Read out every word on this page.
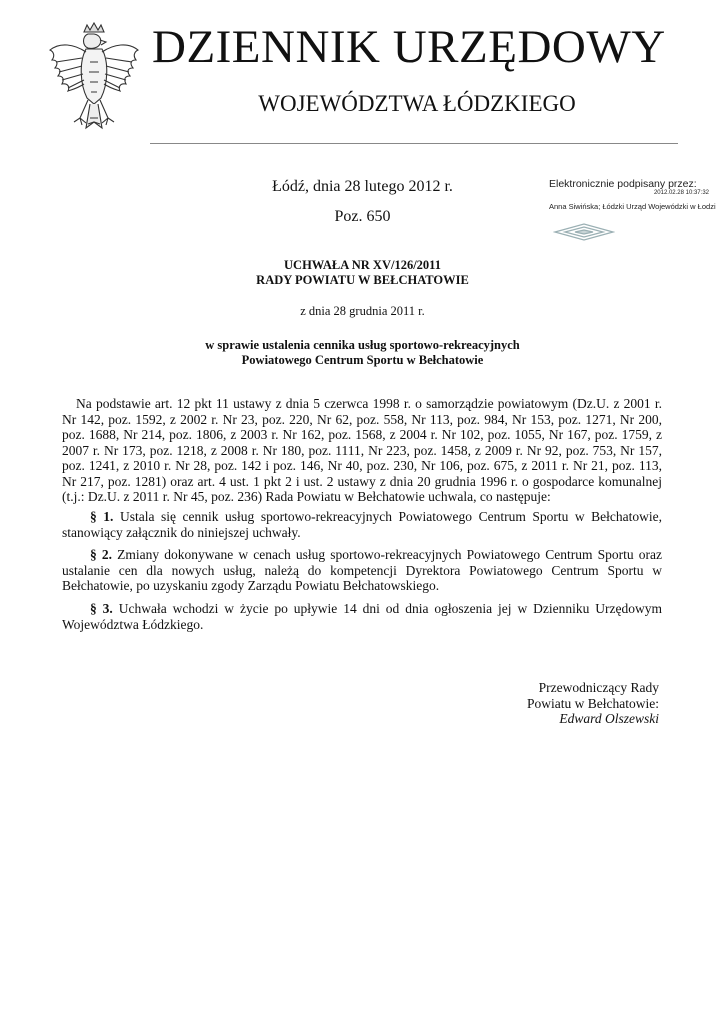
DZIENNIK URZĘDOWY
WOJEWÓDZTWA ŁÓDZKIEGO
Elektronicznie podpisany przez:
2012.02.28 10:37:32
Anna Siwińska; Łódzki Urząd Wojewódzki w Łodzi
Łódź, dnia 28 lutego 2012 r.
Poz. 650
UCHWAŁA NR XV/126/2011
RADY POWIATU W BEŁCHATOWIE
z dnia 28 grudnia 2011 r.
w sprawie ustalenia cennika usług sportowo-rekreacyjnych
Powiatowego Centrum Sportu w Bełchatowie

Na podstawie art. 12 pkt 11 ustawy z dnia 5 czerwca 1998 r. o samorządzie powiatowym (Dz.U. z 2001 r. Nr 142, poz. 1592, z 2002 r. Nr 23, poz. 220, Nr 62, poz. 558, Nr 113, poz. 984, Nr 153, poz. 1271, Nr 200, poz. 1688, Nr 214, poz. 1806, z 2003 r. Nr 162, poz. 1568, z 2004 r. Nr 102, poz. 1055, Nr 167, poz. 1759, z 2007 r. Nr 173, poz. 1218, z 2008 r. Nr 180, poz. 1111, Nr 223, poz. 1458, z 2009 r. Nr 92, poz. 753, Nr 157, poz. 1241, z 2010 r. Nr 28, poz. 142 i poz. 146, Nr 40, poz. 230, Nr 106, poz. 675, z 2011 r. Nr 21, poz. 113, Nr 217, poz. 1281) oraz art. 4 ust. 1 pkt 2 i ust. 2 ustawy z dnia 20 grudnia 1996 r. o gospodarce komunalnej (t.j.: Dz.U. z 2011 r. Nr 45, poz. 236) Rada Powiatu w Bełchatowie uchwala, co następuje:

§ 1. Ustala się cennik usług sportowo-rekreacyjnych Powiatowego Centrum Sportu w Bełchatowie, stanowiący załącznik do niniejszej uchwały.

§ 2. Zmiany dokonywane w cenach usług sportowo-rekreacyjnych Powiatowego Centrum Sportu oraz ustalanie cen dla nowych usług, należą do kompetencji Dyrektora Powiatowego Centrum Sportu w Bełchatowie, po uzyskaniu zgody Zarządu Powiatu Bełchatowskiego.

§ 3. Uchwała wchodzi w życie po upływie 14 dni od dnia ogłoszenia jej w Dzienniku Urzędowym Województwa Łódzkiego.

Przewodniczący Rady
Powiatu w Bełchatowie:
Edward Olszewski
